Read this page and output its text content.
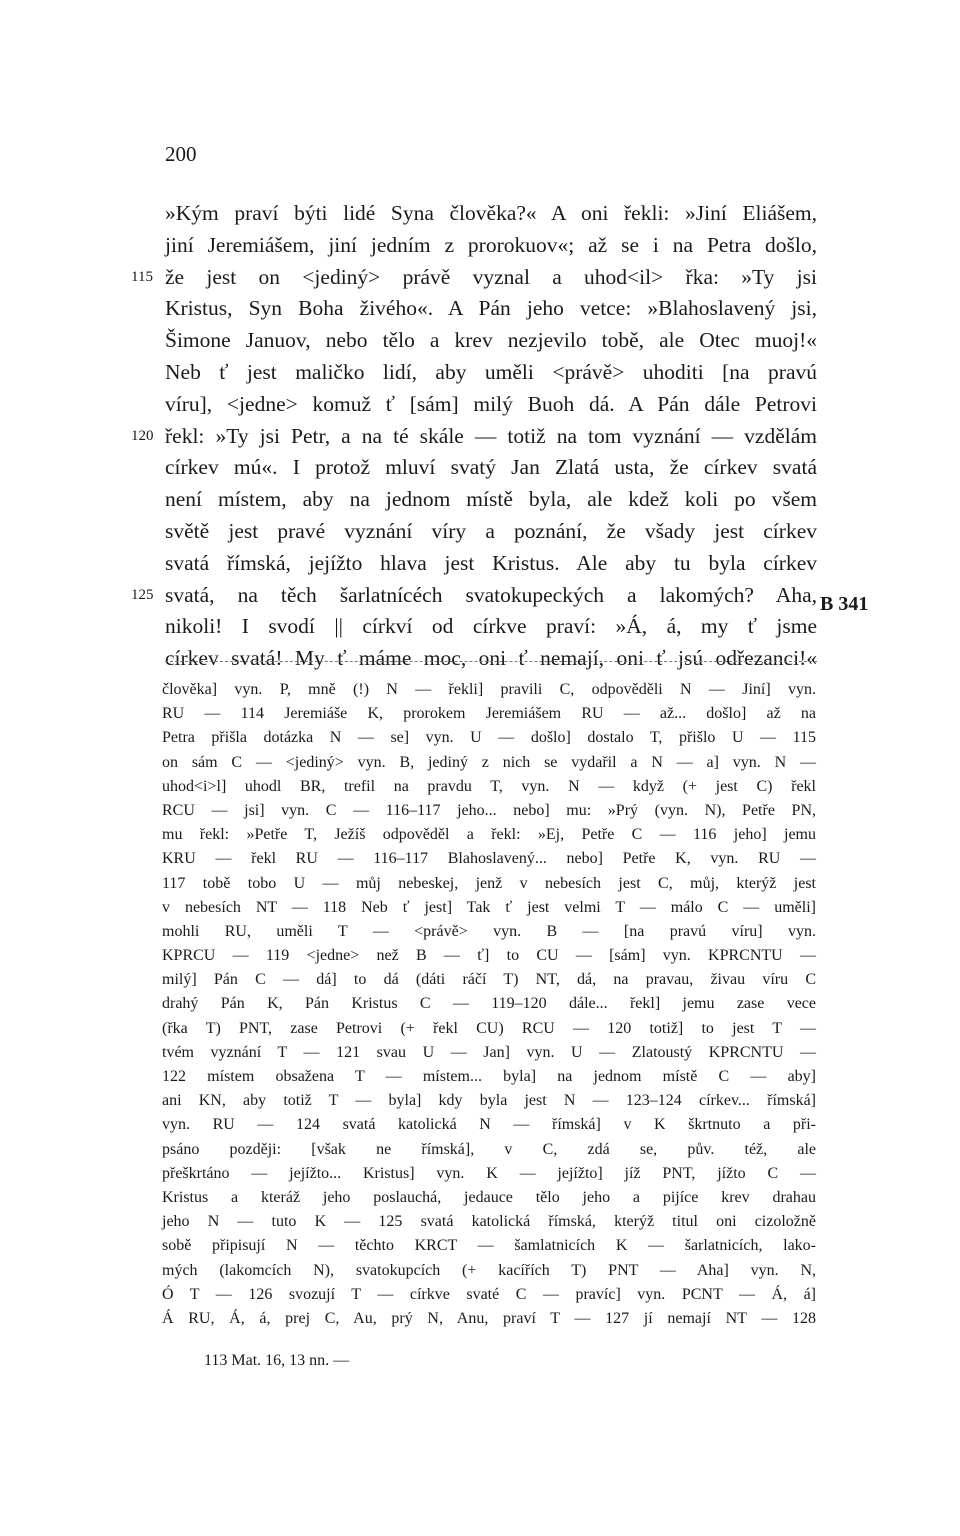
200
»Kým praví býti lidé Syna člověka?« A oni řekli: »Jiní Eliášem,
jiní Jeremiášem, jiní jedním z prorokuov«; až se i na Petra došlo,
115 že jest on <jediný> právě vyznal a uhod<il> řka: »Ty jsi
Kristus, Syn Boha živého«. A Pán jeho vetce: »Blahoslavený jsi,
Šimone Januov, nebo tělo a krev nezjevilo tobě, ale Otec muoj!«
Neb ť jest maličko lidí, aby uměli <právě> uhoditi [na pravú
víru], <jedne> komuž ť [sám] milý Buoh dá. A Pán dále Petrovi
120 řekl: »Ty jsi Petr, a na té skále — totiž na tom vyznání — vzdělám
církev mú«. I protož mluví svatý Jan Zlatá usta, že církev svatá
není místem, aby na jednom místě byla, ale kdež koli po všem
světě jest pravé vyznání víry a poznání, že všady jest církev
svatá římská, jejížto hlava jest Kristus. Ale aby tu byla církev
125 svatá, na těch šarlatnícéch svatokupeckých a lakomých? Aha,
nikoli! I svodí || církví od církve praví: »Á, á, my ť jsme
církev svatá! My ť máme moc, oni ť nemají, oni ť jsú odřezanci!«
B 341
člověka] vyn. P, mně (!) N — řekli] pravili C, odpověděli N — Jiní] vyn.
RU — 114 Jeremiáše K, prorokem Jeremiášem RU — až... došlo] až na
Petra přišla dotázka N — se] vyn. U — došlo] dostalo T, přišlo U — 115
on sám C — <jediný> vyn. B, jediný z nich se vydařil a N — a] vyn. N —
uhod<i>l] uhodl BR, trefil na pravdu T, vyn. N — když (+ jest C) řekl
RCU — jsi] vyn. C — 116–117 jeho... nebo] mu: »Prý (vyn. N), Petře PN,
mu řekl: »Petře T, Ježíš odpověděl a řekl: »Ej, Petře C — 116 jeho] jemu
KRU — řekl RU — 116–117 Blahoslavený... nebo] Petře K, vyn. RU —
117 tobě tobo U — můj nebeskej, jenž v nebesích jest C, můj, kterýž jest
v nebesích NT — 118 Neb ť jest] Tak ť jest velmi T — málo C — uměli]
mohli RU, uměli T — <právě> vyn. B — [na pravú víru] vyn.
KPRCU — 119 <jedne> než B — ť] to CU — [sám] vyn. KPRCNTU —
milý] Pán C — dá] to dá (dáti ráčí T) NT, dá, na pravau, živau víru C
drahý Pán K, Pán Kristus C — 119–120 dále... řekl] jemu zase vece
(řka T) PNT, zase Petrovi (+ řekl CU) RCU — 120 totiž] to jest T —
tvém vyznání T — 121 svau U — Jan] vyn. U — Zlatoustý KPRCNTU —
122 místem obsažena T — místem... byla] na jednom místě C — aby]
ani KN, aby totiž T — byla] kdy byla jest N — 123–124 církev... římská]
vyn. RU — 124 svatá katolická N — římská] v K škrtnuto a při-
psáno později: [však ne římská], v C, zdá se, pův. též, ale
přeškrtáno — jejížto... Kristus] vyn. K — jejížto] jíž PNT, jížto C —
Kristus a kteráž jeho poslauchá, jedauce tělo jeho a pijíce krev drahau
jeho N — tuto K — 125 svatá katolická římská, kterýž titul oni cizoložně
sobě připisují N — těchto KRCT — šamlatnicích K — šarlatnicích, lako-
mých (lakomcích N), svatokupcích (+ kacířích T) PNT — Aha] vyn. N,
Ó T — 126 svozují T — církve svaté C — pravíc] vyn. PCNT — Á, á]
Á RU, Á, á, prej C, Au, prý N, Anu, praví T — 127 jí nemají NT — 128
113 Mat. 16, 13 nn. —
